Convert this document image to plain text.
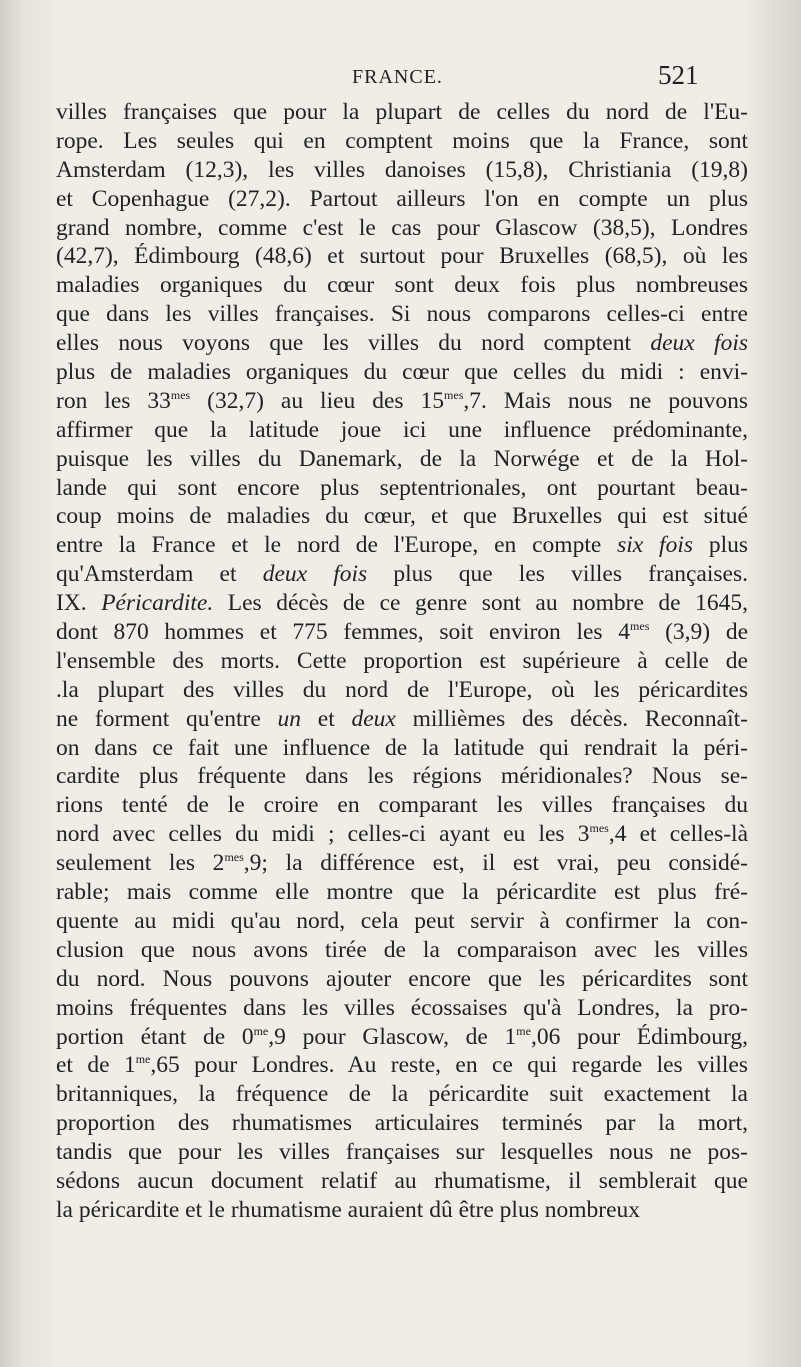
FRANCE.	521
villes françaises que pour la plupart de celles du nord de l'Eu-
rope. Les seules qui en comptent moins que la France, sont
Amsterdam (12,3), les villes danoises (15,8), Christiania (19,8)
et Copenhague (27,2). Partout ailleurs l'on en compte un plus
grand nombre, comme c'est le cas pour Glascow (38,5), Londres
(42,7), Édimbourg (48,6) et surtout pour Bruxelles (68,5), où les
maladies organiques du cœur sont deux fois plus nombreuses
que dans les villes françaises. Si nous comparons celles-ci entre
elles nous voyons que les villes du nord comptent deux fois
plus de maladies organiques du cœur que celles du midi : envi-
ron les $33^{mes}$ (32,7) au lieu des $15^{mes},7$. Mais nous ne pouvons
affirmer que la latitude joue ici une influence prédominante,
puisque les villes du Danemark, de la Norwége et de la Hol-
lande qui sont encore plus septentrionales, ont pourtant beau-
coup moins de maladies du cœur, et que Bruxelles qui est situé
entre la France et le nord de l'Europe, en compte six fois plus
qu'Amsterdam et deux fois plus que les villes françaises.
IX. Péricardite. Les décès de ce genre sont au nombre de 1645,
dont 870 hommes et 775 femmes, soit environ les $4^{mes}$ (3,9) de
l'ensemble des morts. Cette proportion est supérieure à celle de
.la plupart des villes du nord de l'Europe, où les péricardites
ne forment qu'entre un et deux millièmes des décès. Reconnaît-
on dans ce fait une influence de la latitude qui rendrait la péri-
cardite plus fréquente dans les régions méridionales? Nous se-
rions tenté de le croire en comparant les villes françaises du
nord avec celles du midi ; celles-ci ayant eu les $3^{mes},4$ et celles-là
seulement les $2^{mes},9$; la différence est, il est vrai, peu considé-
rable; mais comme elle montre que la péricardite est plus fré-
quente au midi qu'au nord, cela peut servir à confirmer la con-
clusion que nous avons tirée de la comparaison avec les villes
du nord. Nous pouvons ajouter encore que les péricardites sont
moins fréquentes dans les villes écossaises qu'à Londres, la pro-
portion étant de $0^{me},9$ pour Glascow, de $1^{me},06$ pour Édimbourg,
et de $1^{me},65$ pour Londres. Au reste, en ce qui regarde les villes
britanniques, la fréquence de la péricardite suit exactement la
proportion des rhumatismes articulaires terminés par la mort,
tandis que pour les villes françaises sur lesquelles nous ne pos-
sédons aucun document relatif au rhumatisme, il semblerait que
la péricardite et le rhumatisme auraient dû être plus nombreux
